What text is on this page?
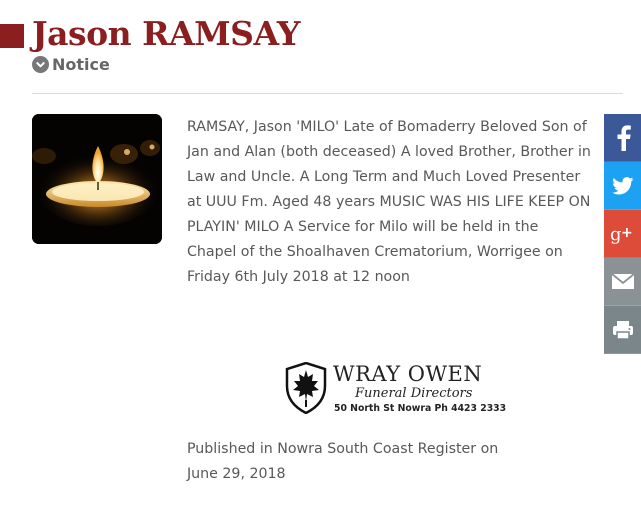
Jason RAMSAY
Notice

RAMSAY, Jason 'MILO' Late of Bomaderry Beloved Son of Jan and Alan (both deceased) A loved Brother, Brother in Law and Uncle. A Long Term and Much Loved Presenter at UUU Fm. Aged 48 years MUSIC WAS HIS LIFE KEEP ON PLAYIN' MILO A Service for Milo will be held in the Chapel of the Shoalhaven Crematorium, Worrigee on Friday 6th July 2018 at 12 noon

WRAY OWEN
Funeral Directors
50 North St Nowra Ph 4423 2333

Published in Nowra South Coast Register on June 29, 2018

g +
